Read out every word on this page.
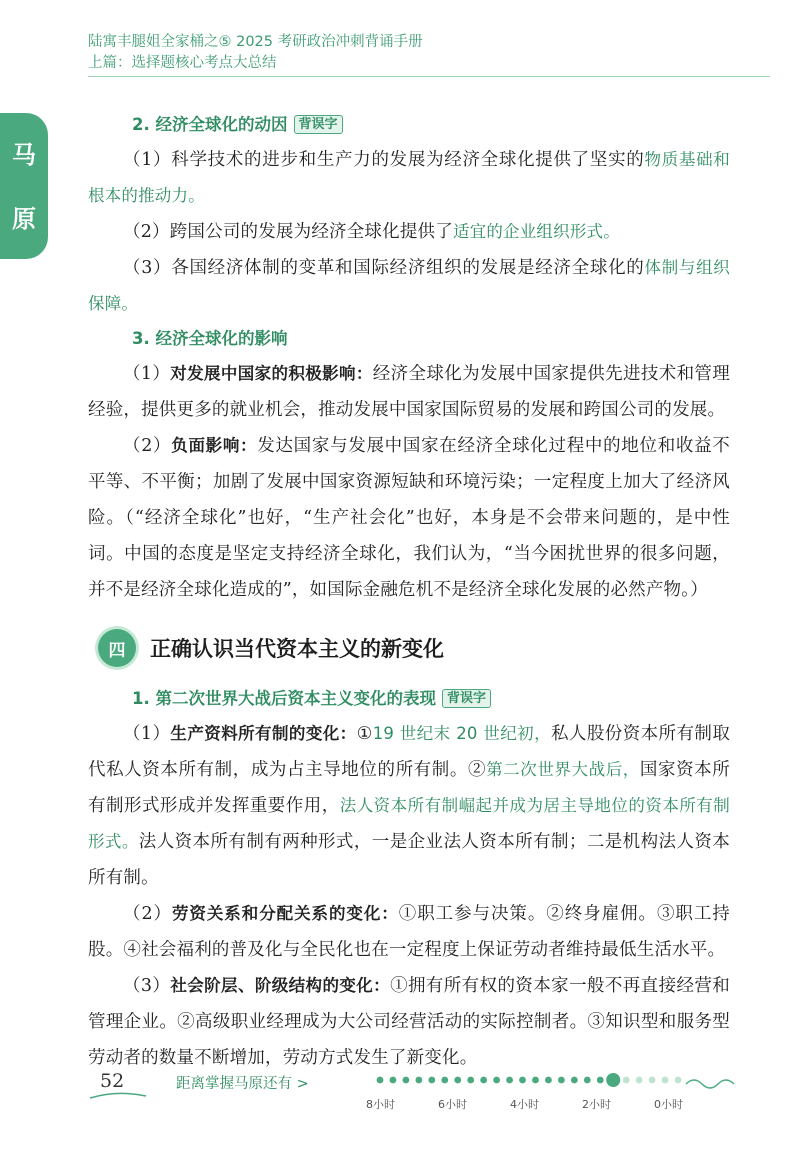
陆寓丰腿姐全家桶之⑤ 2025 考研政治冲刺背诵手册
上篇：选择题核心考点大总结
马
原

2. 经济全球化的动因 背误字

（1）科学技术的进步和生产力的发展为经济全球化提供了坚实的物质基础和根本的推动力。

（2）跨国公司的发展为经济全球化提供了适宜的企业组织形式。

（3）各国经济体制的变革和国际经济组织的发展是经济全球化的体制与组织保障。

3. 经济全球化的影响

（1）对发展中国家的积极影响：经济全球化为发展中国家提供先进技术和管理经验，提供更多的就业机会，推动发展中国家国际贸易的发展和跨国公司的发展。

（2）负面影响：发达国家与发展中国家在经济全球化过程中的地位和收益不平等、不平衡；加剧了发展中国家资源短缺和环境污染；一定程度上加大了经济风险。（“经济全球化”也好，“生产社会化”也好，本身是不会带来问题的，是中性词。中国的态度是坚定支持经济全球化，我们认为，“当今困扰世界的很多问题，并不是经济全球化造成的”，如国际金融危机不是经济全球化发展的必然产物。）

四	正确认识当代资本主义的新变化

1. 第二次世界大战后资本主义变化的表现 背误字

（1）生产资料所有制的变化：①19 世纪末 20 世纪初，私人股份资本所有制取代私人资本所有制，成为占主导地位的所有制。②第二次世界大战后，国家资本所有制形式形成并发挥重要作用，法人资本所有制崛起并成为居主导地位的资本所有制形式。法人资本所有制有两种形式，一是企业法人资本所有制；二是机构法人资本所有制。

（2）劳资关系和分配关系的变化：①职工参与决策。②终身雇佣。③职工持股。④社会福利的普及化与全民化也在一定程度上保证劳动者维持最低生活水平。

（3）社会阶层、阶级结构的变化：①拥有所有权的资本家一般不再直接经营和管理企业。②高级职业经理成为大公司经营活动的实际控制者。③知识型和服务型劳动者的数量不断增加，劳动方式发生了新变化。

52	距离掌握马原还有 >
8小时	6小时	4小时	2小时	0小时
